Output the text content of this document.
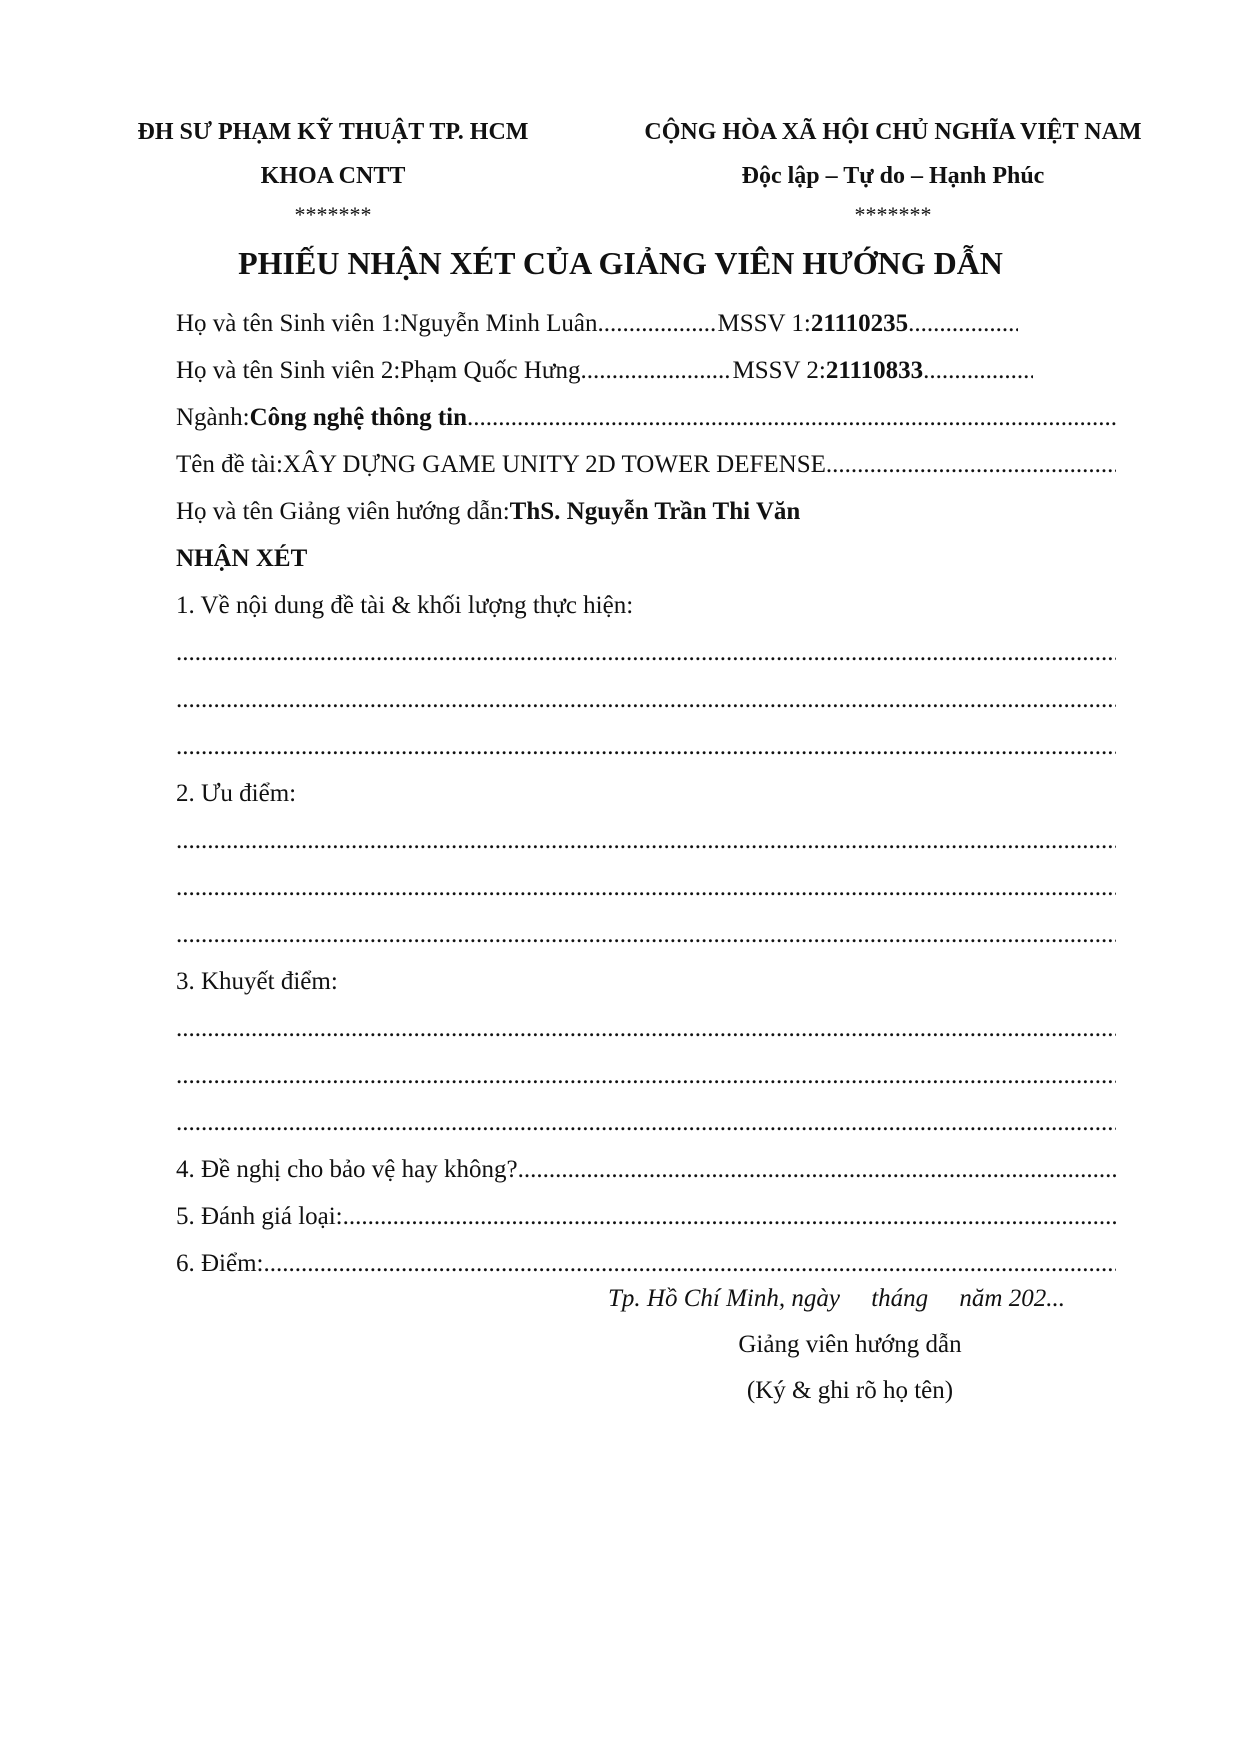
ĐH SƯ PHẠM KỸ THUẬT TP. HCM
KHOA CNTT
*******
CỘNG HÒA XÃ HỘI CHỦ NGHĨA VIỆT NAM
Độc lập – Tự do – Hạnh Phúc
*******
PHIẾU NHẬN XÉT CỦA GIẢNG VIÊN HƯỚNG DẪN
Họ và tên Sinh viên 1: Nguyễn Minh Luân .....	MSSV 1: 21110235
.....
Họ và tên Sinh viên 2: Phạm Quốc Hưng .....	MSSV 2: 21110833
.....
Ngành: Công nghệ thông tin
.....
Tên đề tài: XÂY DỰNG GAME UNITY 2D TOWER DEFENSE
.....
Họ và tên Giảng viên hướng dẫn: ThS. Nguyễn Trần Thi Văn
NHẬN XÉT
1. Về nội dung đề tài & khối lượng thực hiện:
.....
.....
.....
2. Ưu điểm:
.....
.....
.....
3. Khuyết điểm:
.....
.....
.....
4. Đề nghị cho bảo vệ hay không?
.....
5. Đánh giá loại:
.....
6. Điểm:
.....
Tp. Hồ Chí Minh, ngày     tháng     năm 202...
Giảng viên hướng dẫn
(Ký & ghi rõ họ tên)
